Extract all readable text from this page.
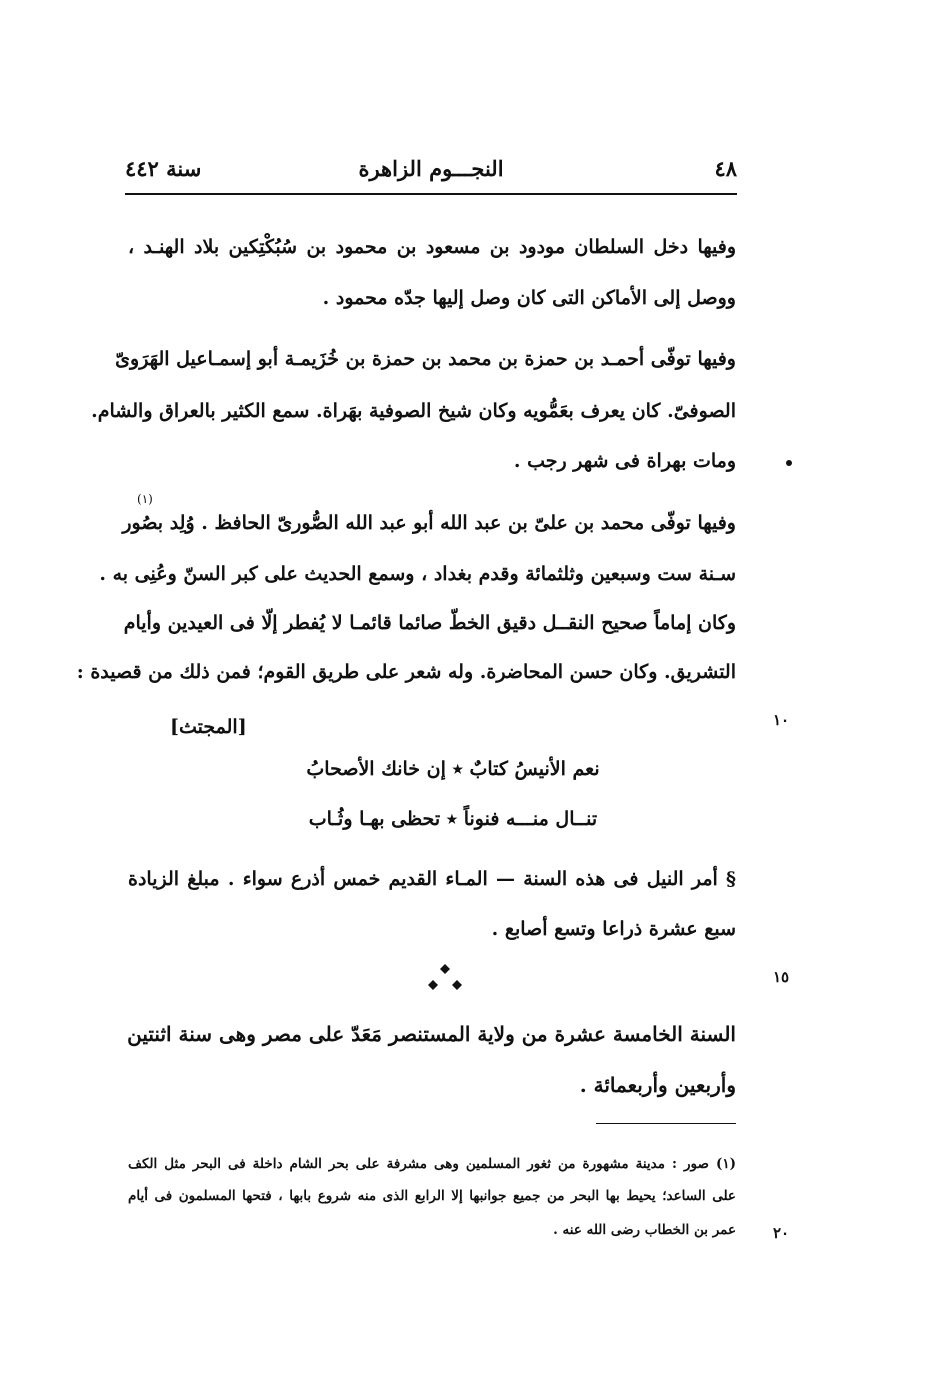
النجـــوم الزاهرة
سنة ٤٤٢	٤٨
وفيها دخل السلطان مودود بن مسعود بن محمود بن سُبُكْتِكين بلاد الهنـد ،
ووصل إلى الأماكن التى كان وصل إليها جدّه محمود .
وفيها توفّى أحمـد بن حمزة بن محمد بن حمزة بن خُزَيمـة أبو إسمـاعيل الهَرَوىّ
الصوفىّ. كان يعرف بعَمُّويه وكان شيخ الصوفية بهَراة. سمع الكثير بالعراق والشام.
ومات بهراة فى شهر رجب .
(١)
وفيها توفّى محمد بن علىّ بن عبد الله أبو عبد الله الصُّورىّ الحافظ . وُلِد بصُور
سـنة ست وسبعين وثلثمائة وقدم بغداد ، وسمع الحديث على كبر السنّ وعُنِى به .
وكان إماماً صحيح النقــل دقيق الخطّ صائما قائمـا لا يُفطر إلّا فى العيدين وأيام
التشريق. وكان حسن المحاضرة. وله شعر على طريق القوم؛ فمن ذلك من قصيدة :
[المجتث]	١٠
نعم الأنيسُ كتابٌ ٭ إن خانك الأصحابُ
تنــال منـــه فنوناً ٭ تحظى بهـا وثُـاب
§ أمر النيل فى هذه السنة — المـاء القديم خمس أذرع سواء . مبلغ الزيادة
سبع عشرة ذراعا وتسع أصابع .
١٥
السنة الخامسة عشرة من ولاية المستنصر مَعَدّ على مصر وهى سنة اثنتين
وأربعين وأربعمائة .
(١) صور : مدينة مشهورة من ثغور المسلمين وهى مشرفة على بحر الشام داخلة فى البحر مثل الكف
على الساعد؛ يحيط بها البحر من جميع جوانبها إلا الرابع الذى منه شروع بابها ، فتحها المسلمون فى أيام
عمر بن الخطاب رضى الله عنه . ٢٠
